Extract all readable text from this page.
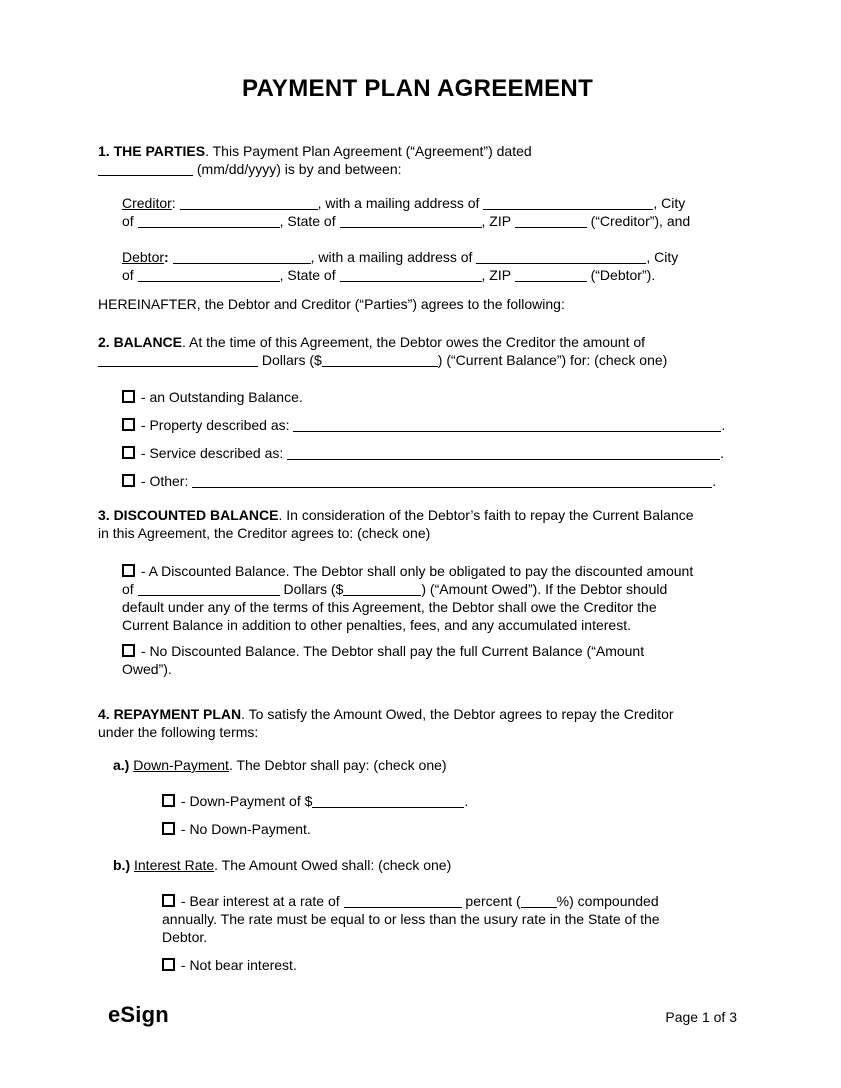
PAYMENT PLAN AGREEMENT
1. THE PARTIES. This Payment Plan Agreement (“Agreement”) dated
(mm/dd/yyyy) is by and between:
Creditor:	, with a mailing address of	, City
of	, State of	, ZIP	(“Creditor”), and
Debtor:	, with a mailing address of	, City
of	, State of	, ZIP	(“Debtor”).
HEREINAFTER, the Debtor and Creditor (“Parties”) agrees to the following:
2. BALANCE. At the time of this Agreement, the Debtor owes the Creditor the amount of
Dollars ($	) (“Current Balance”) for: (check one)
- an Outstanding Balance.
- Property described as:	.
- Service described as:	.
- Other:	.
3. DISCOUNTED BALANCE. In consideration of the Debtor’s faith to repay the Current Balance
in this Agreement, the Creditor agrees to: (check one)
- A Discounted Balance. The Debtor shall only be obligated to pay the discounted amount
of	Dollars ($	) (“Amount Owed”). If the Debtor should
default under any of the terms of this Agreement, the Debtor shall owe the Creditor the
Current Balance in addition to other penalties, fees, and any accumulated interest.
- No Discounted Balance. The Debtor shall pay the full Current Balance (“Amount
Owed”).
4. REPAYMENT PLAN. To satisfy the Amount Owed, the Debtor agrees to repay the Creditor
under the following terms:
a.) Down-Payment. The Debtor shall pay: (check one)
- Down-Payment of $	.
- No Down-Payment.
b.) Interest Rate. The Amount Owed shall: (check one)
- Bear interest at a rate of	percent (	%) compounded
annually. The rate must be equal to or less than the usury rate in the State of the
Debtor.
- Not bear interest.
eSign	Page 1 of 3
